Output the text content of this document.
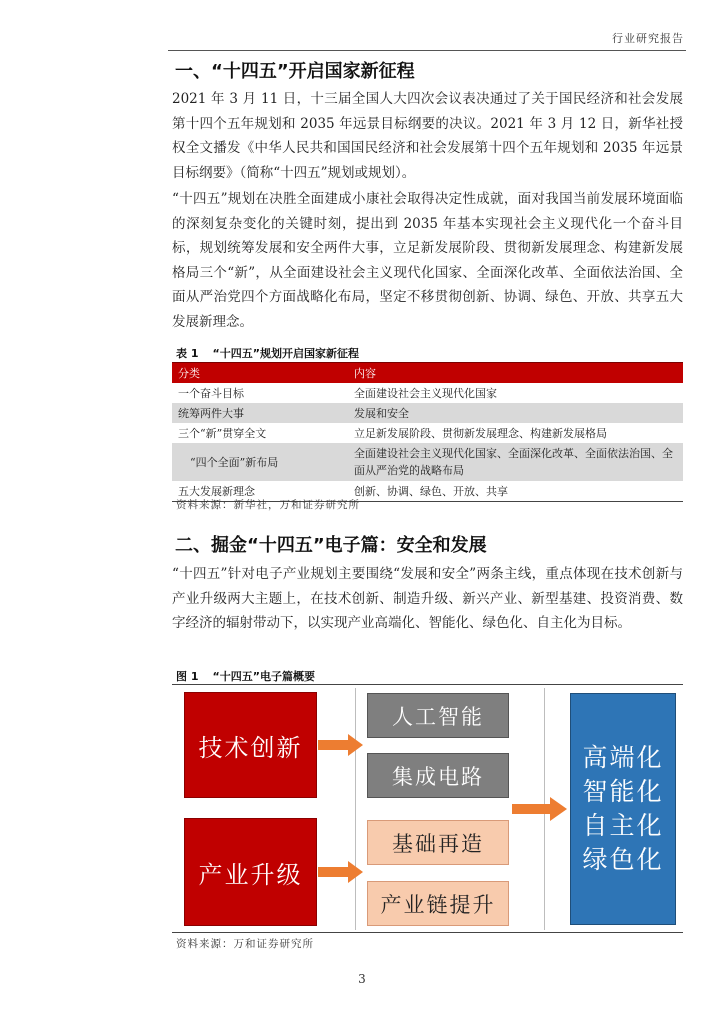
行业研究报告
一、“十四五”开启国家新征程

2021 年 3 月 11 日，十三届全国人大四次会议表决通过了关于国民经济和社会发展第十四个五年规划和 2035 年远景目标纲要的决议。2021 年 3 月 12 日，新华社授权全文播发《中华人民共和国国民经济和社会发展第十四个五年规划和 2035 年远景目标纲要》（简称“十四五”规划或规划）。

“十四五”规划在决胜全面建成小康社会取得决定性成就，面对我国当前发展环境面临的深刻复杂变化的关键时刻，提出到 2035 年基本实现社会主义现代化一个奋斗目标，规划统筹发展和安全两件大事，立足新发展阶段、贯彻新发展理念、构建新发展格局三个“新”，从全面建设社会主义现代化国家、全面深化改革、全面依法治国、全面从严治党四个方面战略化布局，坚定不移贯彻创新、协调、绿色、开放、共享五大发展新理念。

表 1 “十四五”规划开启国家新征程
分类	内容
一个奋斗目标	全面建设社会主义现代化国家
统筹两件大事	发展和安全
三个“新”贯穿全文	立足新发展阶段、贯彻新发展理念、构建新发展格局
“四个全面”新布局	全面建设社会主义现代化国家、全面深化改革、全面依法治国、全面从严治党的战略布局
五大发展新理念	创新、协调、绿色、开放、共享
资料来源：新华社，万和证券研究所
二、掘金“十四五”电子篇：安全和发展

“十四五”针对电子产业规划主要围绕“发展和安全”两条主线，重点体现在技术创新与产业升级两大主题上，在技术创新、制造升级、新兴产业、新型基建、投资消费、数字经济的辐射带动下，以实现产业高端化、智能化、绿色化、自主化为目标。

图 1 “十四五”电子篇概要
技术创新
产业升级
人工智能
集成电路
基础再造
产业链提升
高端化
智能化
自主化
绿色化
资料来源：万和证券研究所
3
